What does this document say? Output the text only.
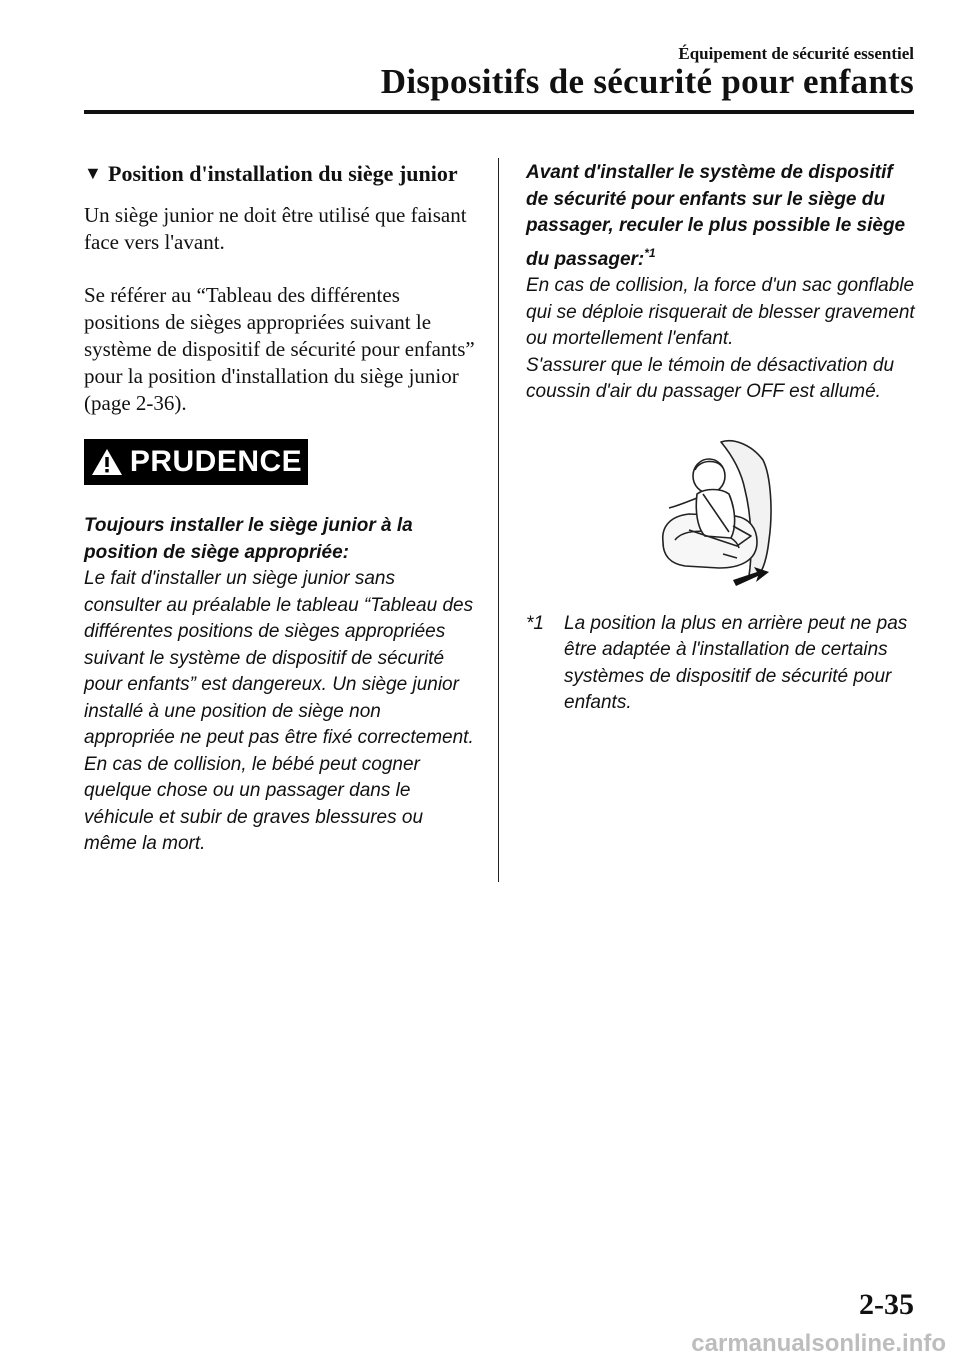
Équipement de sécurité essentiel
Dispositifs de sécurité pour enfants
▼ Position d'installation du siège junior

Un siège junior ne doit être utilisé que faisant face vers l'avant.

Se référer au “Tableau des différentes positions de sièges appropriées suivant le système de dispositif de sécurité pour enfants” pour la position d'installation du siège junior (page 2-36).

PRUDENCE

Toujours installer le siège junior à la position de siège appropriée:

Le fait d'installer un siège junior sans consulter au préalable le tableau “Tableau des différentes positions de sièges appropriées suivant le système de dispositif de sécurité pour enfants” est dangereux. Un siège junior installé à une position de siège non appropriée ne peut pas être fixé correctement. En cas de collision, le bébé peut cogner quelque chose ou un passager dans le véhicule et subir de graves blessures ou même la mort.

Avant d'installer le système de dispositif de sécurité pour enfants sur le siège du passager, reculer le plus possible le siège du passager:$^{*1}$

En cas de collision, la force d'un sac gonflable qui se déploie risquerait de blesser gravement ou mortellement l'enfant.

S'assurer que le témoin de désactivation du coussin d'air du passager OFF est allumé.

*1	La position la plus en arrière peut ne pas être adaptée à l'installation de certains systèmes de dispositif de sécurité pour enfants.
2-35
carmanualsonline.info
